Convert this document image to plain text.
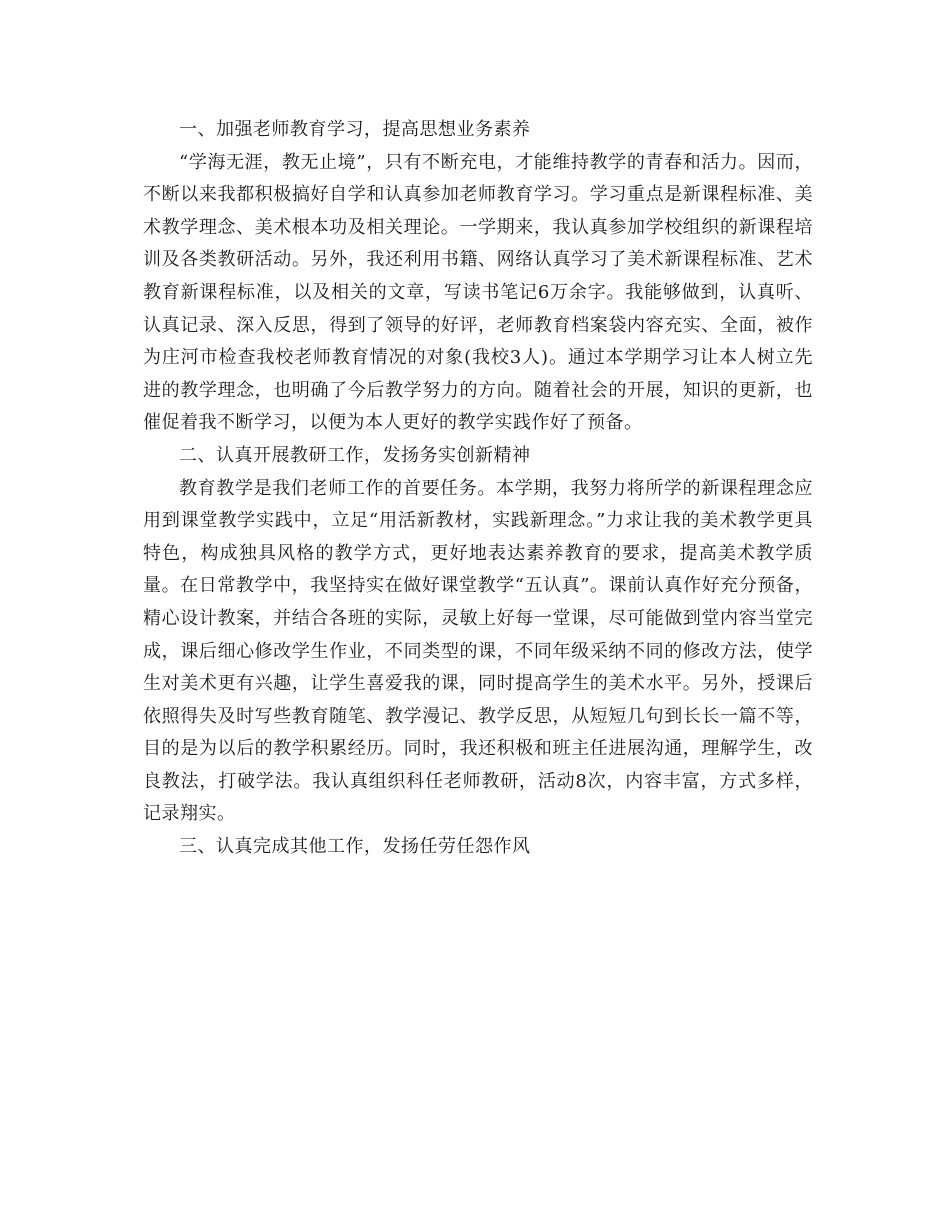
一、加强老师教育学习，提高思想业务素养

“学海无涯，教无止境”，只有不断充电，才能维持教学的青春和活力。因而，不断以来我都积极搞好自学和认真参加老师教育学习。学习重点是新课程标准、美术教学理念、美术根本功及相关理论。一学期来，我认真参加学校组织的新课程培训及各类教研活动。另外，我还利用书籍、网络认真学习了美术新课程标准、艺术教育新课程标准，以及相关的文章，写读书笔记6万余字。我能够做到，认真听、认真记录、深入反思，得到了领导的好评，老师教育档案袋内容充实、全面，被作为庄河市检查我校老师教育情况的对象(我校3人)。通过本学期学习让本人树立先进的教学理念，也明确了今后教学努力的方向。随着社会的开展，知识的更新，也催促着我不断学习，以便为本人更好的教学实践作好了预备。

二、认真开展教研工作，发扬务实创新精神

教育教学是我们老师工作的首要任务。本学期，我努力将所学的新课程理念应用到课堂教学实践中，立足“用活新教材，实践新理念。”力求让我的美术教学更具特色，构成独具风格的教学方式，更好地表达素养教育的要求，提高美术教学质量。在日常教学中，我坚持实在做好课堂教学“五认真”。课前认真作好充分预备，精心设计教案，并结合各班的实际，灵敏上好每一堂课，尽可能做到堂内容当堂完成，课后细心修改学生作业，不同类型的课，不同年级采纳不同的修改方法，使学生对美术更有兴趣，让学生喜爱我的课，同时提高学生的美术水平。另外，授课后依照得失及时写些教育随笔、教学漫记、教学反思，从短短几句到长长一篇不等，目的是为以后的教学积累经历。同时，我还积极和班主任进展沟通，理解学生，改良教法，打破学法。我认真组织科任老师教研，活动8次，内容丰富，方式多样，记录翔实。

三、认真完成其他工作，发扬任劳任怨作风
